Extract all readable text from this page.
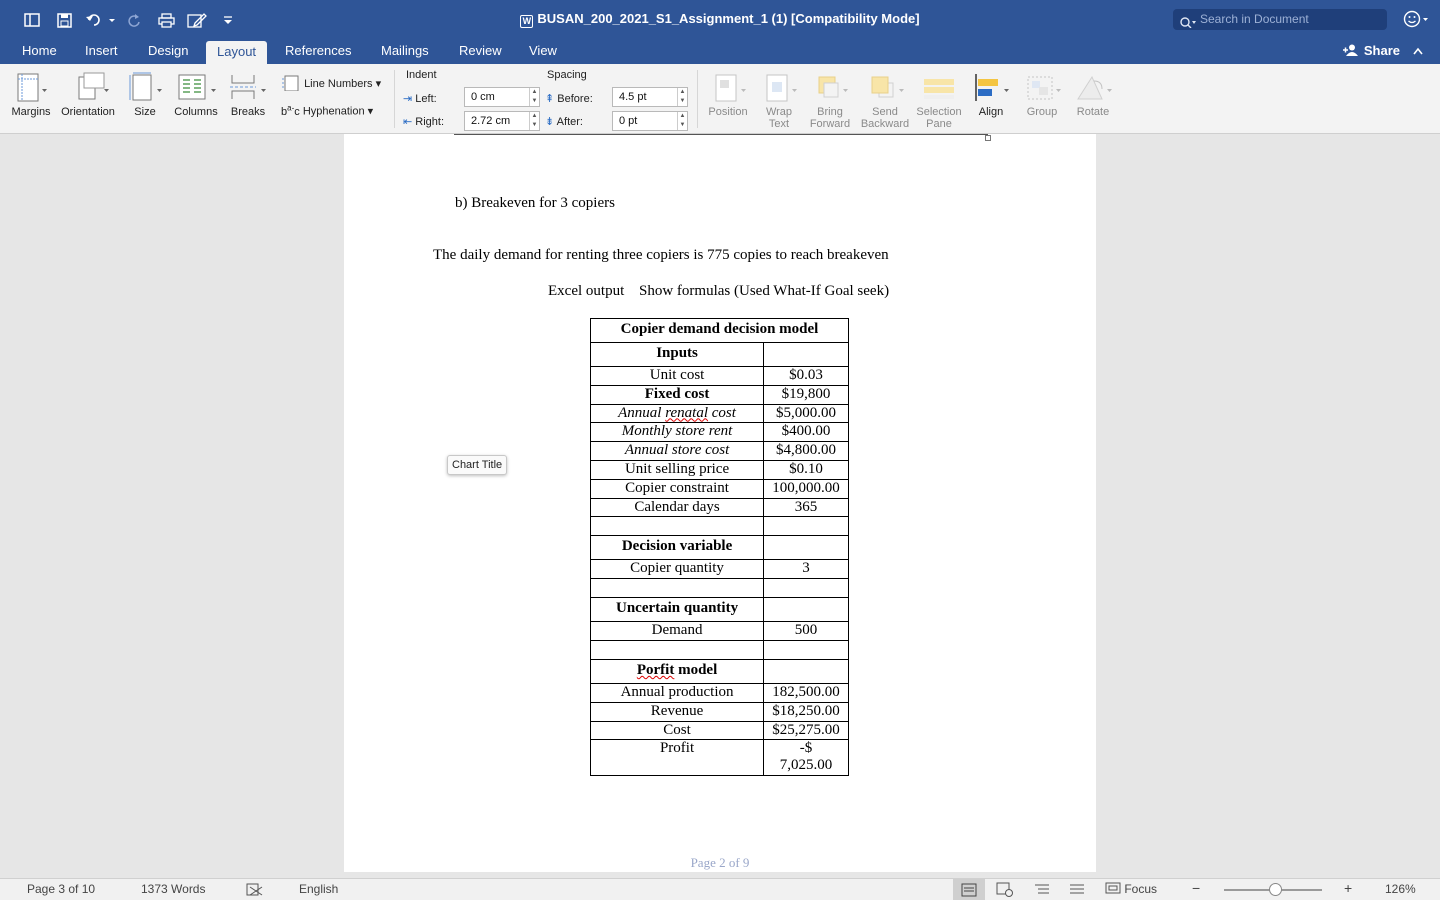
W BUSAN_200_2021_S1_Assignment_1 (1) [Compatibility Mode]	Search in Document
Home	Insert	Design	Layout	References	Mailings	Review	View	Share
Margins Orientation	Size	Columns	Breaks
Line Numbers ▾
$b^{a-}c$ Hyphenation ▾
Indent
⇥ Left:	0 cm	▲
▼
⇤ Right:	2.72 cm	▲
▼
Spacing
⇞ Before:	4.5 pt	▲
▼
⇟ After:	0 pt	▲
▼
Position	Wrap
Text
Bring
Forward
Send
Backward
Selection
Pane
Align	Group	Rotate
b) Breakeven for 3 copiers
The daily demand for renting three copiers is 775 copies to reach breakeven
Excel output Show formulas (Used What-If Goal seek)
Copier demand decision model	
Inputs	
Unit cost	$0.03
Fixed cost	$19,800
Annual renatal cost	$5,000.00
Monthly store rent	$400.00
Annual store cost	$4,800.00
Unit selling price	$0.10
Copier constraint	100,000.00
Calendar days	365

Decision variable	
Copier quantity	3

Uncertain quantity	
Demand	500

Porfit model	
Annual production	182,500.00
Revenue	$18,250.00
Cost	$25,275.00
Profit	-$
7,025.00
Page 2 of 9
Chart Title
Page 3 of 10	1373 Words	English	Focus −	+	126%
